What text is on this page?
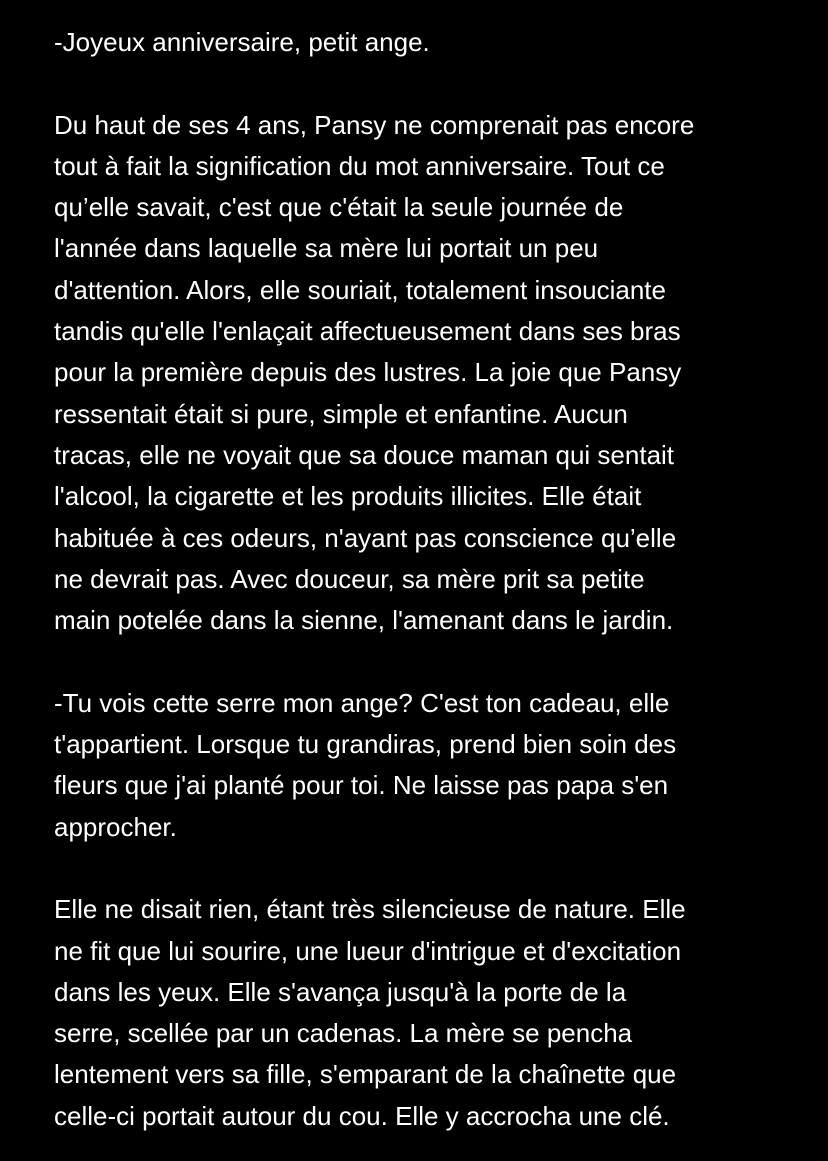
-Joyeux anniversaire, petit ange.

Du haut de ses 4 ans, Pansy ne comprenait pas encore
tout à fait la signification du mot anniversaire. Tout ce
qu’elle savait, c'est que c'était la seule journée de
l'année dans laquelle sa mère lui portait un peu
d'attention. Alors, elle souriait, totalement insouciante
tandis qu'elle l'enlaçait affectueusement dans ses bras
pour la première depuis des lustres. La joie que Pansy
ressentait était si pure, simple et enfantine. Aucun
tracas, elle ne voyait que sa douce maman qui sentait
l'alcool, la cigarette et les produits illicites. Elle était
habituée à ces odeurs, n'ayant pas conscience qu’elle
ne devrait pas. Avec douceur, sa mère prit sa petite
main potelée dans la sienne, l'amenant dans le jardin.

-Tu vois cette serre mon ange? C'est ton cadeau, elle
t'appartient. Lorsque tu grandiras, prend bien soin des
fleurs que j'ai planté pour toi. Ne laisse pas papa s'en
approcher.

Elle ne disait rien, étant très silencieuse de nature. Elle
ne fit que lui sourire, une lueur d'intrigue et d'excitation
dans les yeux. Elle s'avança jusqu'à la porte de la
serre, scellée par un cadenas. La mère se pencha
lentement vers sa fille, s'emparant de la chaînette que
celle-ci portait autour du cou. Elle y accrocha une clé.
